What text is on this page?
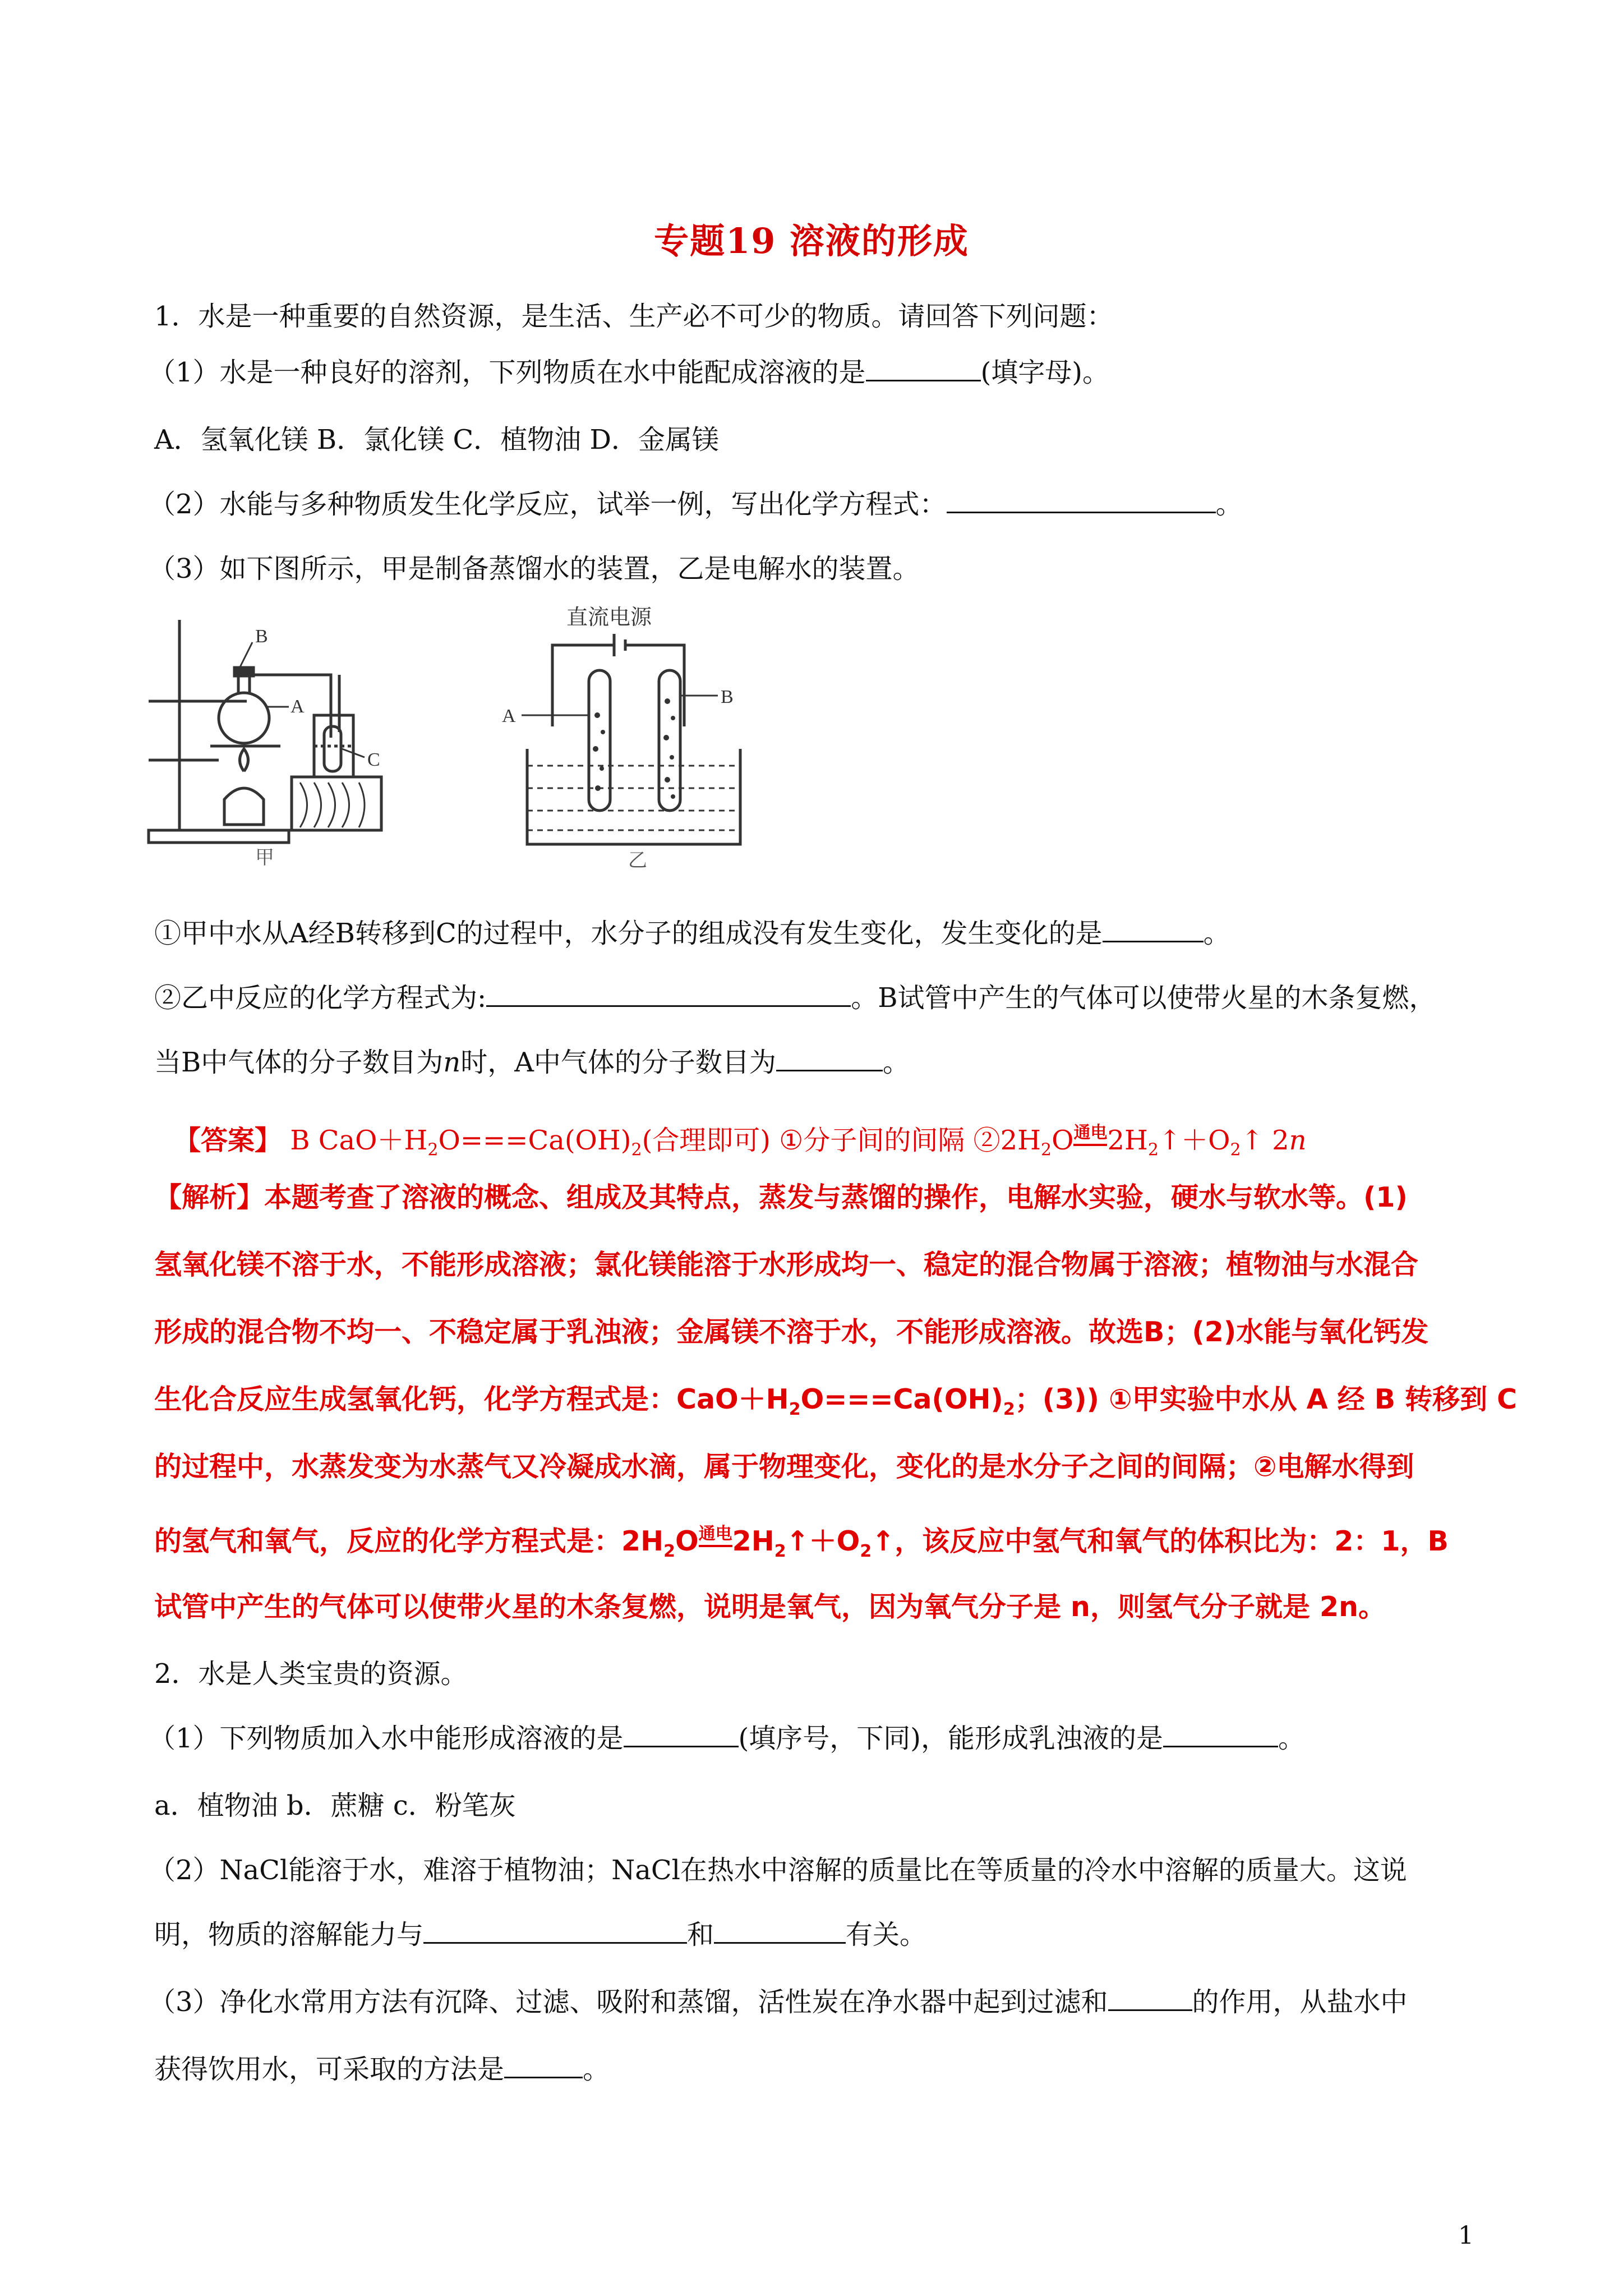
专题19 溶液的形成
1．水是一种重要的自然资源，是生活、生产必不可少的物质。请回答下列问题：
（1）水是一种良好的溶剂，下列物质在水中能配成溶液的是	(填字母)。
A．氢氧化镁 B．氯化镁 C．植物油 D．金属镁
（2）水能与多种物质发生化学反应，试举一例，写出化学方程式：	。
（3）如下图所示，甲是制备蒸馏水的装置，乙是电解水的装置。
B
A
C
甲
直流电源
A
B
乙
①甲中水从A经B转移到C的过程中，水分子的组成没有发生变化，发生变化的是	。
②乙中反应的化学方程式为:	。B试管中产生的气体可以使带火星的木条复燃，
当B中气体的分子数目为n时，A中气体的分子数目为	。
【答案】 B $CaO+H_2O===Ca(OH)_2$(合理即可) ①分子间的间隔 $②2H_2O$通电$2H_2↑+O_2↑$ 2n
【解析】本题考查了溶液的概念、组成及其特点，蒸发与蒸馏的操作，电解水实验，硬水与软水等。(1)
氢氧化镁不溶于水，不能形成溶液；氯化镁能溶于水形成均一、稳定的混合物属于溶液；植物油与水混合
形成的混合物不均一、不稳定属于乳浊液；金属镁不溶于水，不能形成溶液。故选B；(2)水能与氧化钙发
生化合反应生成氢氧化钙，化学方程式是：$CaO+H_2O===Ca(OH)_2$；(3)) ①甲实验中水从 A 经 B 转移到 C
的过程中，水蒸发变为水蒸气又冷凝成水滴，属于物理变化，变化的是水分子之间的间隔；②电解水得到
的氢气和氧气，反应的化学方程式是：$2H_2O$通电$2H_2↑+O_2↑$，该反应中氢气和氧气的体积比为：2：1，B
试管中产生的气体可以使带火星的木条复燃，说明是氧气，因为氧气分子是 n，则氢气分子就是 2n。
2．水是人类宝贵的资源。
（1）下列物质加入水中能形成溶液的是	(填序号，下同)，能形成乳浊液的是	。
a．植物油 b．蔗糖 c．粉笔灰
（2）NaCl能溶于水，难溶于植物油；NaCl在热水中溶解的质量比在等质量的冷水中溶解的质量大。这说
明，物质的溶解能力与	和	有关。
（3）净化水常用方法有沉降、过滤、吸附和蒸馏，活性炭在净水器中起到过滤和	的作用，从盐水中
获得饮用水，可采取的方法是	。
1
